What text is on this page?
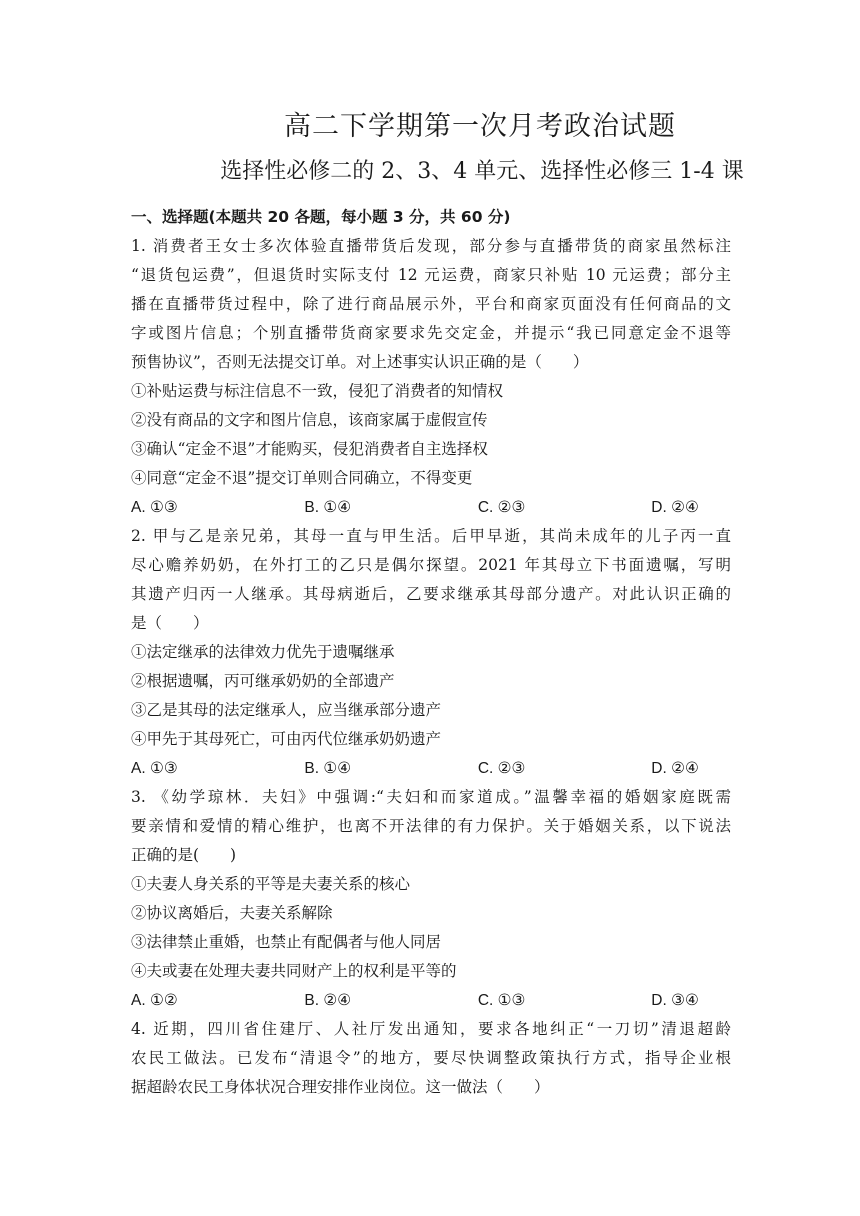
高二下学期第一次月考政治试题
选择性必修二的 2、3、4 单元、选择性必修三 1-4 课
一、选择题(本题共 20 各题，每小题 3 分，共 60 分)
1. 消费者王女士多次体验直播带货后发现，部分参与直播带货的商家虽然标注
“退货包运费”，但退货时实际支付 12 元运费，商家只补贴 10 元运费；部分主
播在直播带货过程中，除了进行商品展示外，平台和商家页面没有任何商品的文
字或图片信息；个别直播带货商家要求先交定金，并提示“我已同意定金不退等
预售协议”，否则无法提交订单。对上述事实认识正确的是（　　）
①补贴运费与标注信息不一致，侵犯了消费者的知情权
②没有商品的文字和图片信息，该商家属于虚假宣传
③确认“定金不退”才能购买，侵犯消费者自主选择权
④同意“定金不退”提交订单则合同确立，不得变更
A. ①③	B. ①④	C. ②③	D. ②④
2. 甲与乙是亲兄弟，其母一直与甲生活。后甲早逝，其尚未成年的儿子丙一直
尽心赡养奶奶，在外打工的乙只是偶尔探望。2021 年其母立下书面遗嘱，写明
其遗产归丙一人继承。其母病逝后，乙要求继承其母部分遗产。对此认识正确的
是（　　）
①法定继承的法律效力优先于遗嘱继承
②根据遗嘱，丙可继承奶奶的全部遗产
③乙是其母的法定继承人，应当继承部分遗产
④甲先于其母死亡，可由丙代位继承奶奶遗产
A. ①③	B. ①④	C. ②③	D. ②④
3. 《幼学琼林．夫妇》中强调:“夫妇和而家道成。”温馨幸福的婚姻家庭既需
要亲情和爱情的精心维护，也离不开法律的有力保护。关于婚姻关系，以下说法
正确的是(　　)
①夫妻人身关系的平等是夫妻关系的核心
②协议离婚后，夫妻关系解除
③法律禁止重婚，也禁止有配偶者与他人同居
④夫或妻在处理夫妻共同财产上的权利是平等的
A. ①②	B. ②④	C. ①③	D. ③④
4. 近期，四川省住建厅、人社厅发出通知，要求各地纠正“一刀切”清退超龄
农民工做法。已发布“清退令”的地方，要尽快调整政策执行方式，指导企业根
据超龄农民工身体状况合理安排作业岗位。这一做法（　　）
